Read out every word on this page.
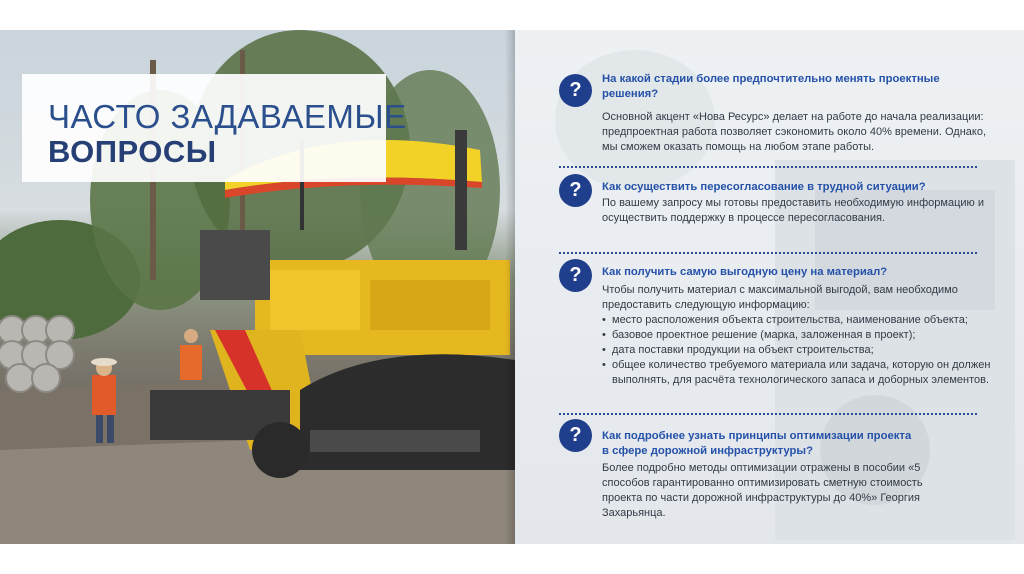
ЧАСТО ЗАДАВАЕМЫЕ
ВОПРОСЫ
?	На какой стадии более предпочтительно менять проектные решения?

Основной акцент «Нова Ресурс» делает на работе до начала реализации: предпроектная работа позволяет сэкономить около 40% времени. Однако, мы сможем оказать помощь на любом этапе работы.

?	Как осуществить пересогласование в трудной ситуации?

По вашему запросу мы готовы предоставить необходимую информацию и осуществить поддержку в процессе пересогласования.

?	Как получить самую выгодную цену на материал?

Чтобы получить материал с максимальной выгодой, вам необходимо предоставить следующую информацию:

• место расположения объекта строительства, наименование объекта;
• базовое проектное решение (марка, заложенная в проект);
• дата поставки продукции на объект строительства;
• общее количество требуемого материала или задача, которую он должен выполнять, для расчёта технологического запаса и доборных элементов.
?	Как подробнее узнать принципы оптимизации проекта в сфере дорожной инфраструктуры?

Более подробно методы оптимизации отражены в пособии «5 способов гарантированно оптимизировать сметную стоимость проекта по части дорожной инфраструктуры до 40%» Георгия Захарьянца.
